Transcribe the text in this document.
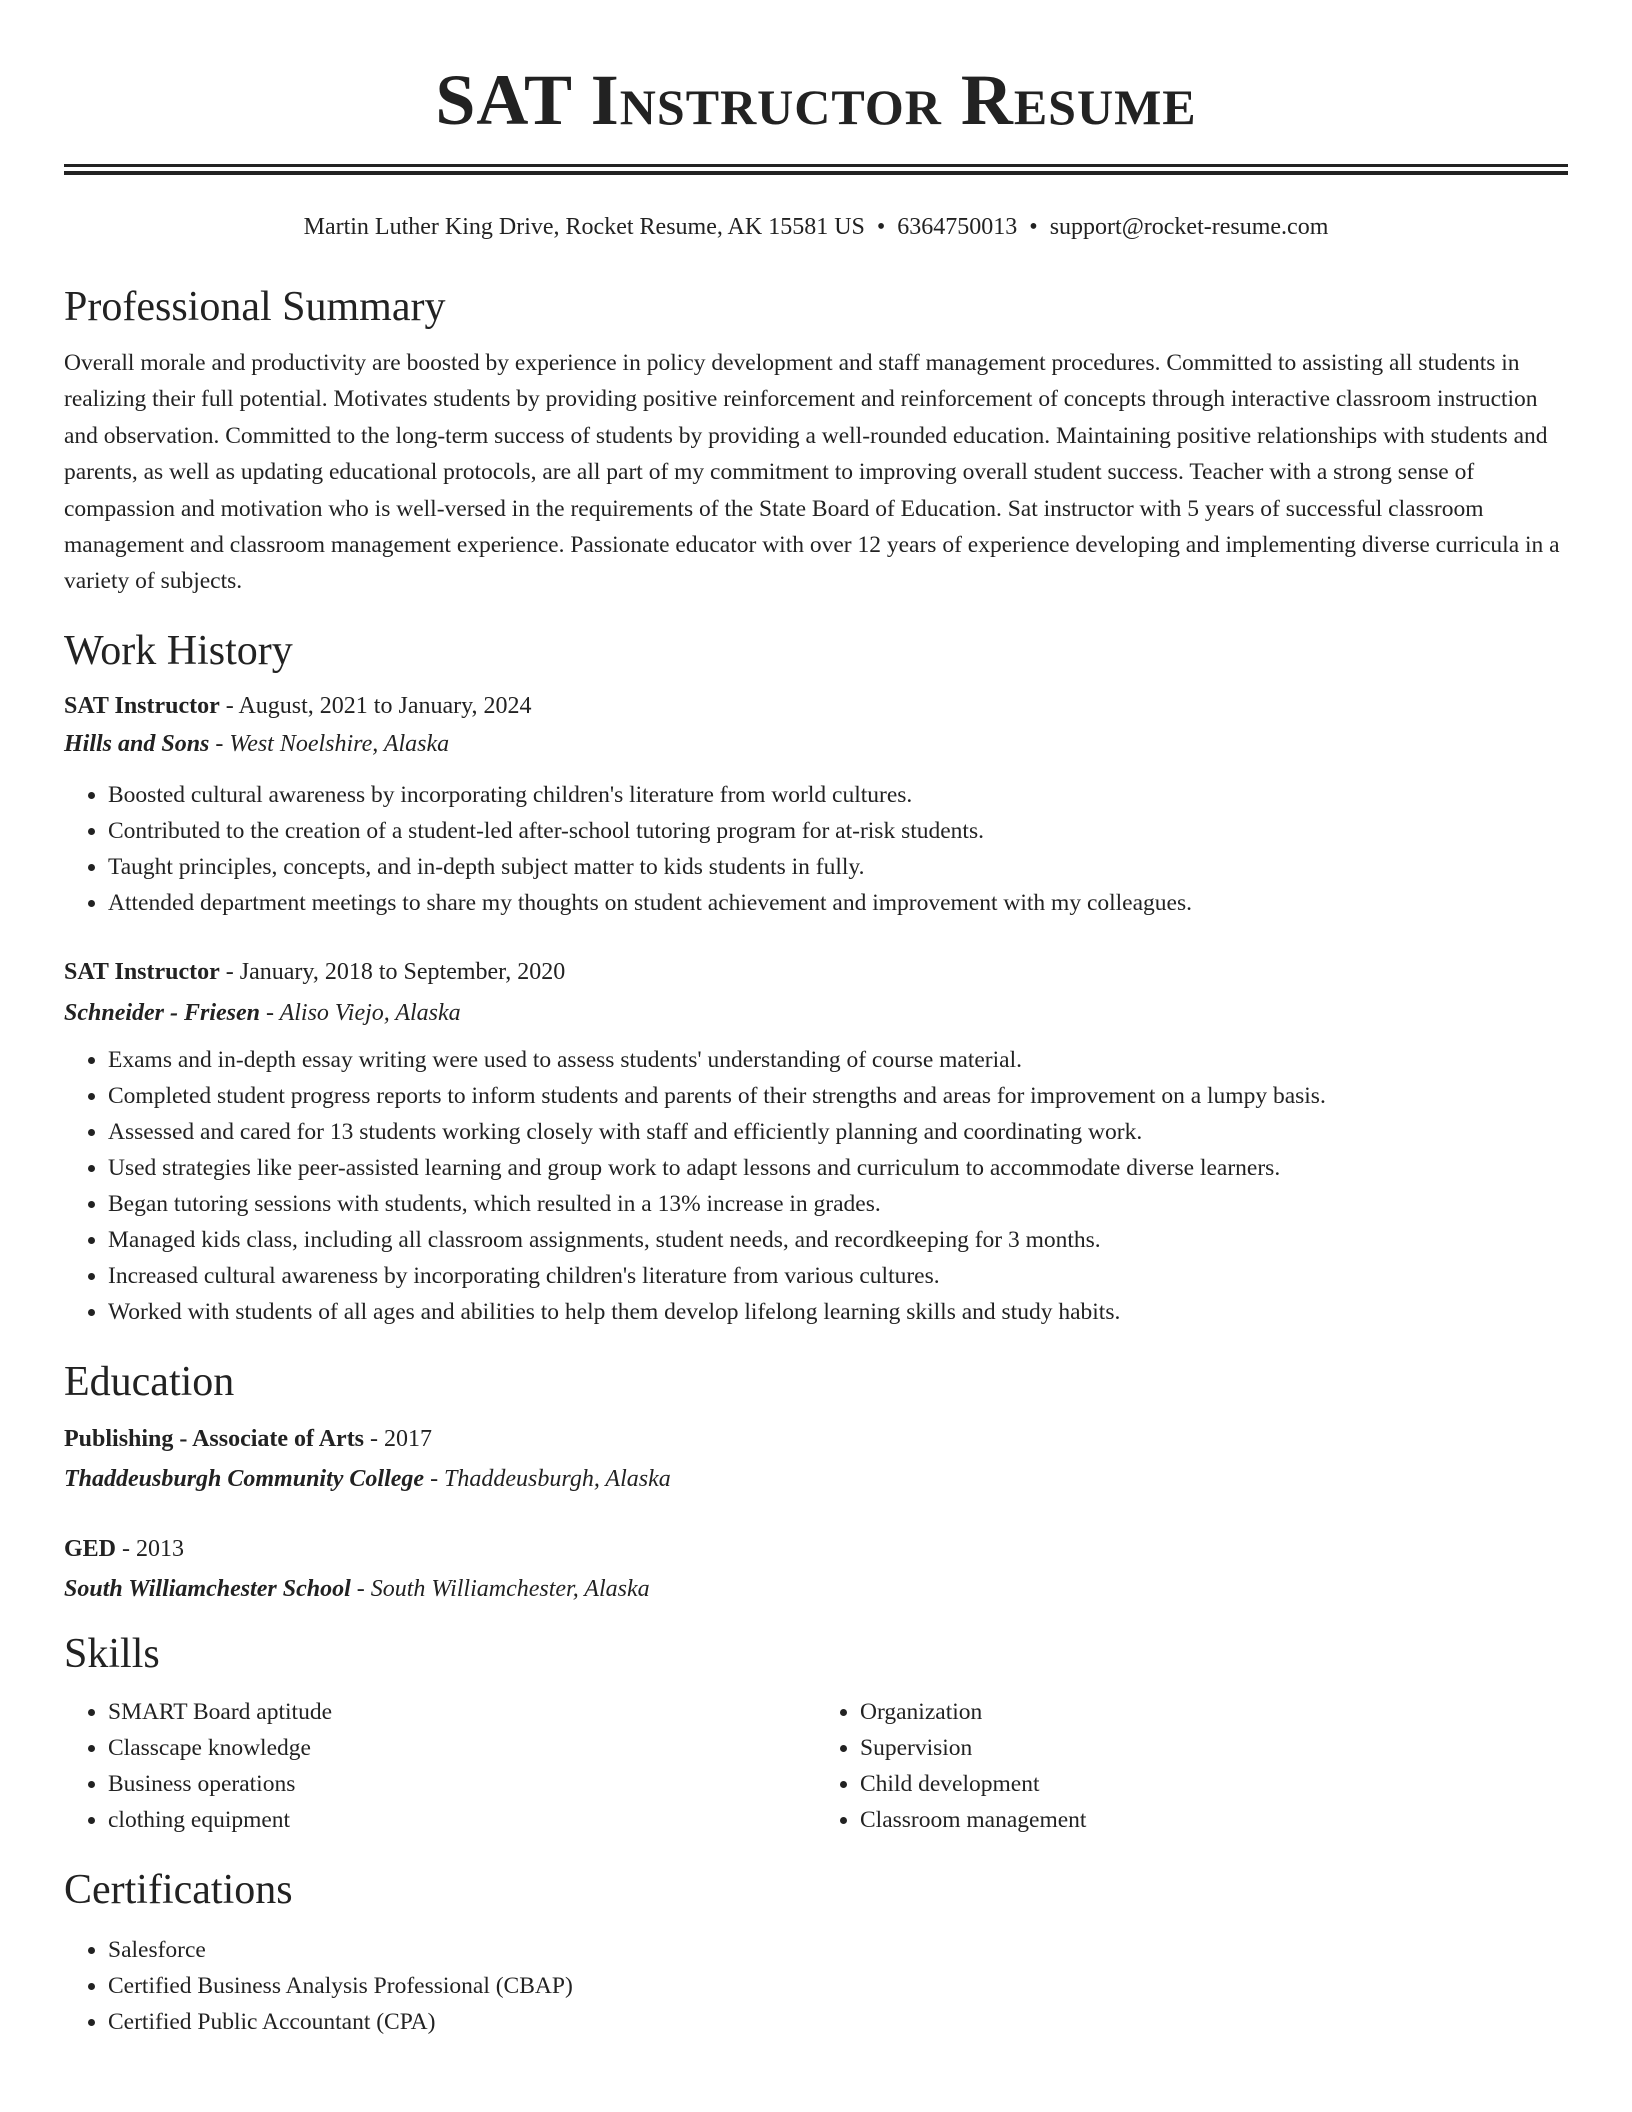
SAT Instructor Resume
Martin Luther King Drive, Rocket Resume, AK 15581 US • 6364750013 • support@rocket-resume.com
Professional Summary

Overall morale and productivity are boosted by experience in policy development and staff management procedures. Committed to assisting all students in realizing their full potential. Motivates students by providing positive reinforcement and reinforcement of concepts through interactive classroom instruction and observation. Committed to the long-term success of students by providing a well-rounded education. Maintaining positive relationships with students and parents, as well as updating educational protocols, are all part of my commitment to improving overall student success. Teacher with a strong sense of compassion and motivation who is well-versed in the requirements of the State Board of Education. Sat instructor with 5 years of successful classroom management and classroom management experience. Passionate educator with over 12 years of experience developing and implementing diverse curricula in a variety of subjects.

Work History
SAT Instructor - August, 2021 to January, 2024
Hills and Sons - West Noelshire, Alaska
• Boosted cultural awareness by incorporating children's literature from world cultures.
• Contributed to the creation of a student-led after-school tutoring program for at-risk students.
• Taught principles, concepts, and in-depth subject matter to kids students in fully.
• Attended department meetings to share my thoughts on student achievement and improvement with my colleagues.
SAT Instructor - January, 2018 to September, 2020
Schneider - Friesen - Aliso Viejo, Alaska
• Exams and in-depth essay writing were used to assess students' understanding of course material.
• Completed student progress reports to inform students and parents of their strengths and areas for improvement on a lumpy basis.
• Assessed and cared for 13 students working closely with staff and efficiently planning and coordinating work.
• Used strategies like peer-assisted learning and group work to adapt lessons and curriculum to accommodate diverse learners.
• Began tutoring sessions with students, which resulted in a 13% increase in grades.
• Managed kids class, including all classroom assignments, student needs, and recordkeeping for 3 months.
• Increased cultural awareness by incorporating children's literature from various cultures.
• Worked with students of all ages and abilities to help them develop lifelong learning skills and study habits.
Education
Publishing - Associate of Arts - 2017
Thaddeusburgh Community College - Thaddeusburgh, Alaska
GED - 2013
South Williamchester School - South Williamchester, Alaska
Skills
• SMART Board aptitude
• Classcape knowledge
• Business operations
• clothing equipment
• Organization
• Supervision
• Child development
• Classroom management
Certifications
• Salesforce
• Certified Business Analysis Professional (CBAP)
• Certified Public Accountant (CPA)
